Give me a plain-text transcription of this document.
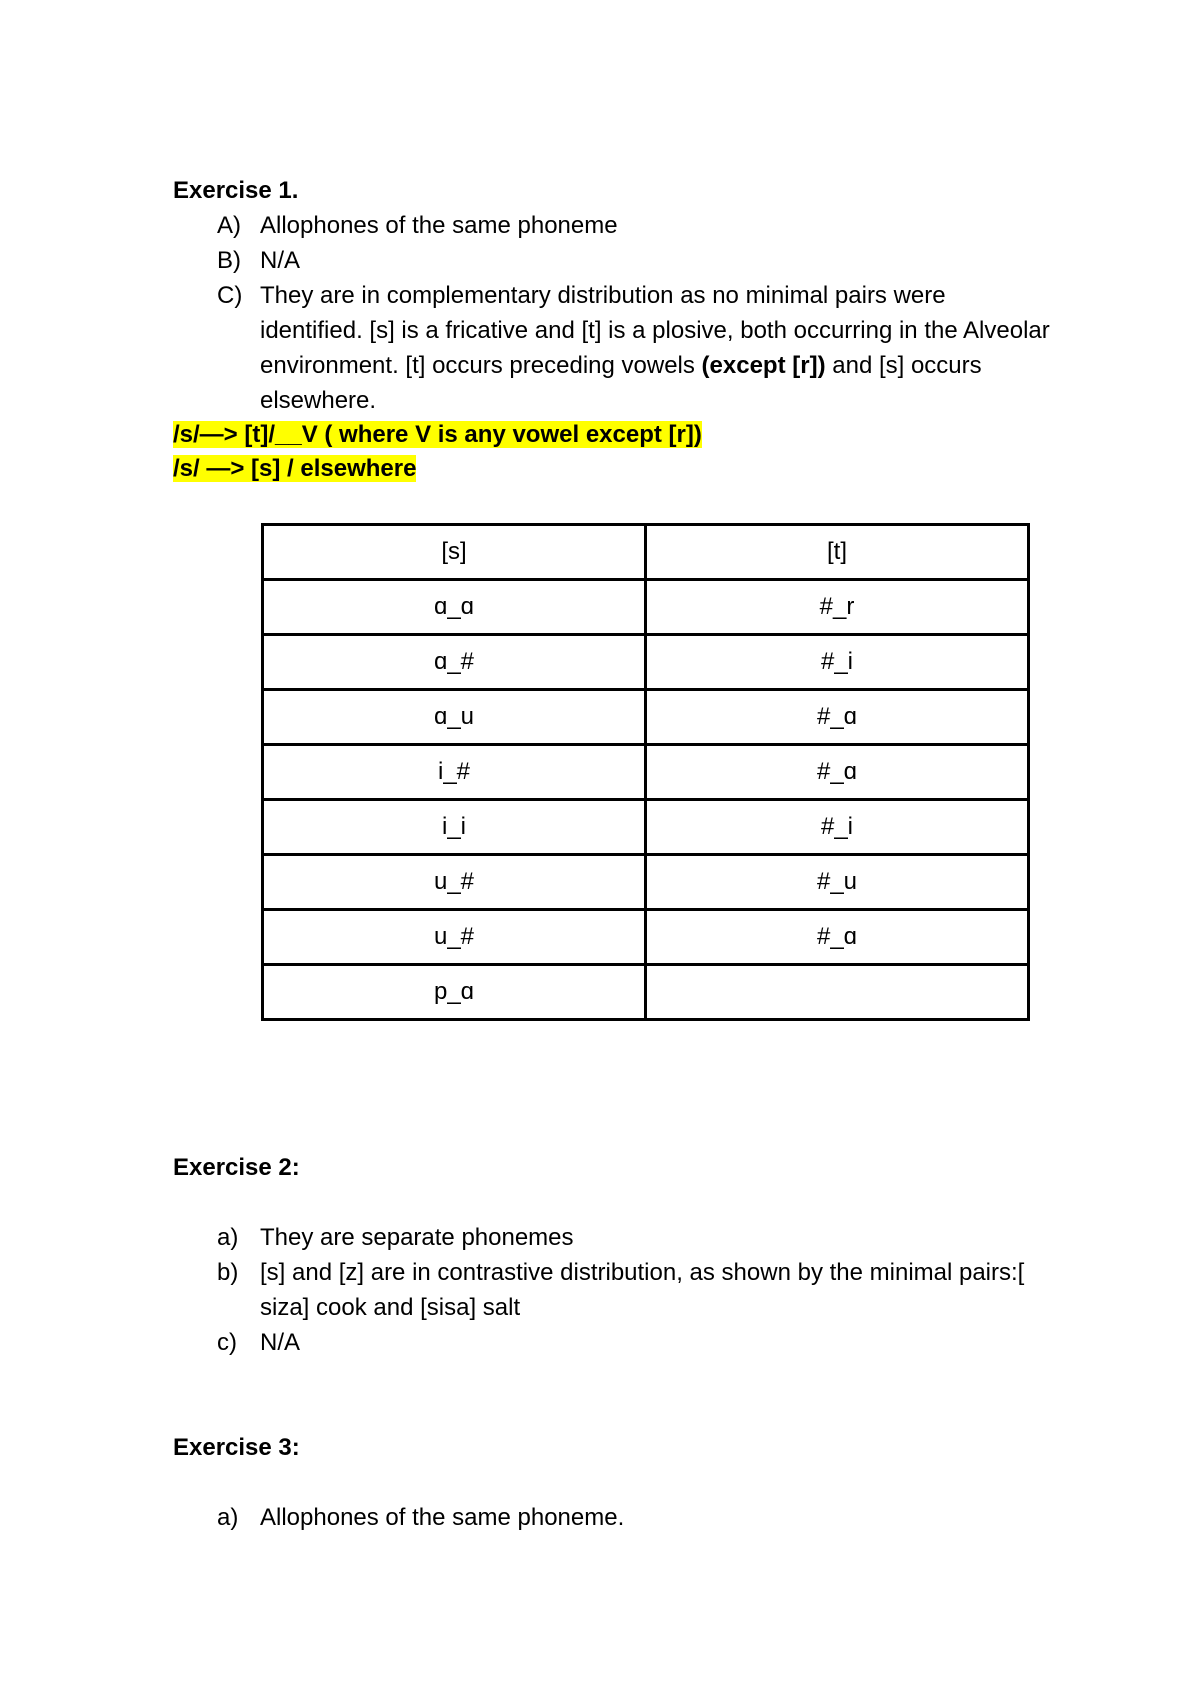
Exercise 1.
A) Allophones of the same phoneme
B) N/A
C) They are in complementary distribution as no minimal pairs were identified. [s] is a fricative and [t] is a plosive, both occurring in the Alveolar environment. [t] occurs preceding vowels (except [r]) and [s] occurs elsewhere.

/s/—> [t]/__V ( where V is any vowel except [r])

/s/ —> [s] / elsewhere

[s]	[t]
ɑ_ɑ	#_r
ɑ_#	#_i
ɑ_u	#_ɑ
i_#	#_ɑ
i_i	#_i
u_#	#_u
u_#	#_ɑ
p_ɑ	
Exercise 2:
a) They are separate phonemes
b) [s] and [z] are in contrastive distribution, as shown by the minimal pairs:[ siza] cook and [sisa] salt
c) N/A
Exercise 3:
a) Allophones of the same phoneme.
